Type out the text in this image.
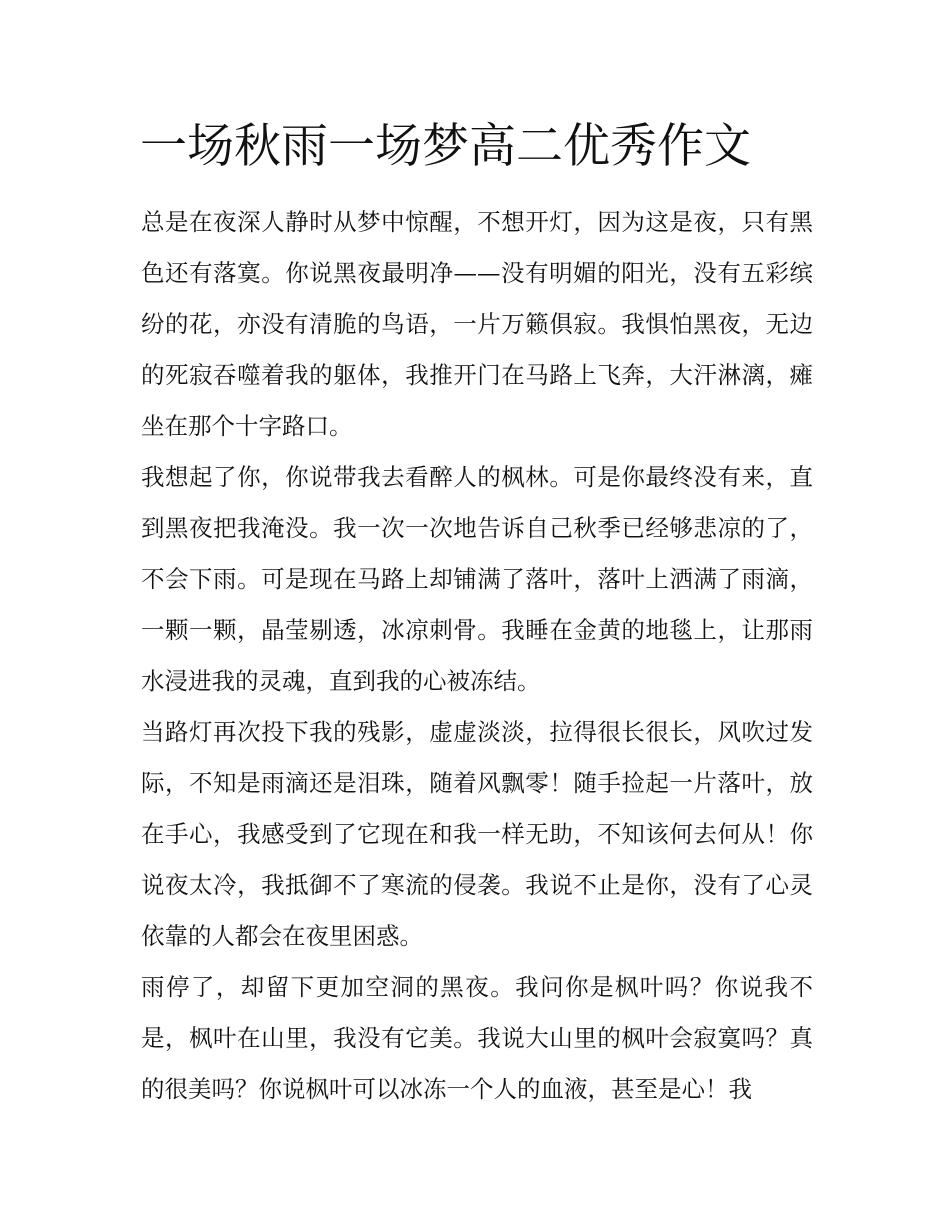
一场秋雨一场梦高二优秀作文

总是在夜深人静时从梦中惊醒，不想开灯，因为这是夜，只有黑色还有落寞。你说黑夜最明净——没有明媚的阳光，没有五彩缤纷的花，亦没有清脆的鸟语，一片万籁俱寂。我惧怕黑夜，无边的死寂吞噬着我的躯体，我推开门在马路上飞奔，大汗淋漓，瘫坐在那个十字路口。

我想起了你，你说带我去看醉人的枫林。可是你最终没有来，直到黑夜把我淹没。我一次一次地告诉自己秋季已经够悲凉的了，不会下雨。可是现在马路上却铺满了落叶，落叶上洒满了雨滴，一颗一颗，晶莹剔透，冰凉刺骨。我睡在金黄的地毯上，让那雨水浸进我的灵魂，直到我的心被冻结。

当路灯再次投下我的残影，虚虚淡淡，拉得很长很长，风吹过发际，不知是雨滴还是泪珠，随着风飘零！随手捡起一片落叶，放在手心，我感受到了它现在和我一样无助，不知该何去何从！你说夜太冷，我抵御不了寒流的侵袭。我说不止是你，没有了心灵依靠的人都会在夜里困惑。

雨停了，却留下更加空洞的黑夜。我问你是枫叶吗？你说我不是，枫叶在山里，我没有它美。我说大山里的枫叶会寂寞吗？真的很美吗？你说枫叶可以冰冻一个人的血液，甚至是心！我
